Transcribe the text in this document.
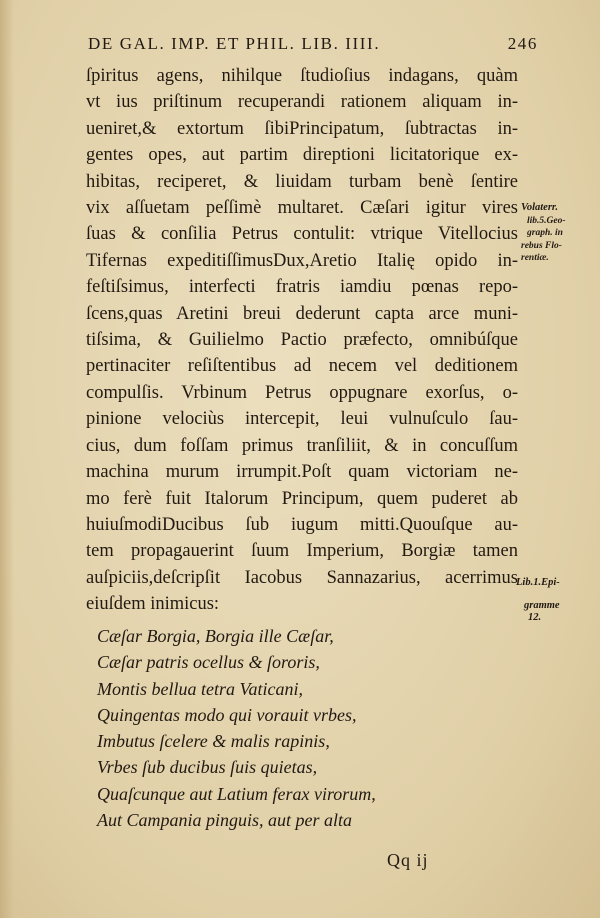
DE GAL. IMP. ET PHIL. LIB. IIII.	246
ſpiritus agens, nihilque ſtudioſius indagans, quàm
vt ius priſtinum recuperandi rationem aliquam in-
ueniret,& extortum ſibiPrincipatum, ſubtractas in-
gentes opes, aut partim direptioni licitatorique ex-
hibitas, reciperet, & liuidam turbam benè ſentire
vix aſſuetam peſſimè multaret. Cæſari igitur vires
ſuas & conſilia Petrus contulit: vtrique Vitellocius
Tifernas expeditiſſimusDux,Aretio Italię opido in-
feſtiſsimus, interfecti fratris iamdiu pœnas repo-
ſcens,quas Aretini breui dederunt capta arce muni-
tiſsima, & Guilielmo Pactio præfecto, omnibúſque
pertinaciter reſiſtentibus ad necem vel deditionem
compulſis. Vrbinum Petrus oppugnare exorſus, o-
pinione velociùs intercepit, leui vulnuſculo ſau-
cius, dum foſſam primus tranſiliit, & in concuſſum
machina murum irrumpit.Poſt quam victoriam ne-
mo ferè fuit Italorum Principum, quem puderet ab
huiuſmodiDucibus ſub iugum mitti.Quouſque au-
tem propagauerint ſuum Imperium, Borgiæ tamen
auſpiciis,deſcripſit Iacobus Sannazarius, acerrimus
eiuſdem inimicus:
Volaterr.
lib.5.Geo-
graph. in
rebus Flo-
rentiæ.
Lib.1.Epi-
gramme
12.
Cæſar Borgia, Borgia ille Cæſar,
Cæſar patris ocellus & ſororis,
Montis bellua tetra Vaticani,
Quingentas modo qui vorauit vrbes,
Imbutus ſcelere & malis rapinis,
Vrbes ſub ducibus ſuis quietas,
Quaſcunque aut Latium ferax virorum,
Aut Campania pinguis, aut per alta
Qq ij
